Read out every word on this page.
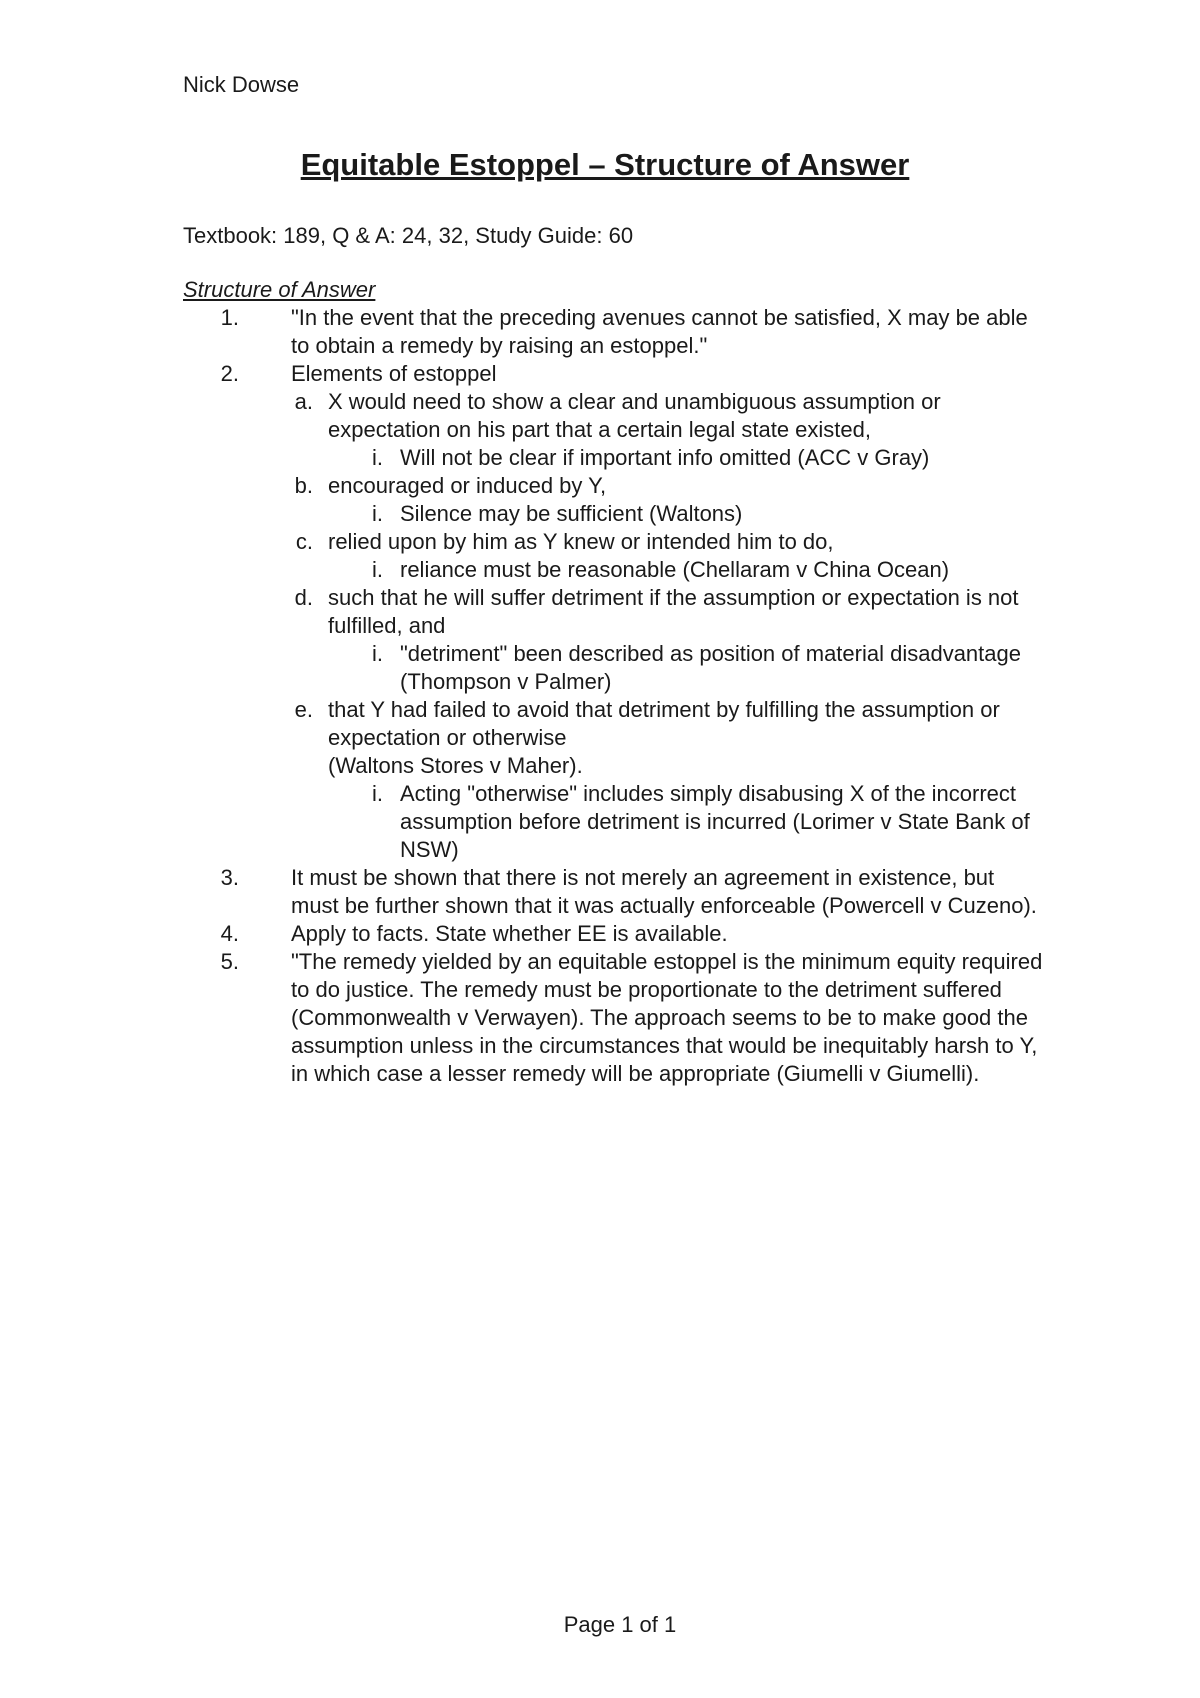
Nick Dowse
Equitable Estoppel – Structure of Answer
Textbook: 189, Q & A: 24, 32, Study Guide: 60
Structure of Answer
1. "In the event that the preceding avenues cannot be satisfied, X may be able to obtain a remedy by raising an estoppel."
2. Elements of estoppel
a. X would need to show a clear and unambiguous assumption or expectation on his part that a certain legal state existed,
i. Will not be clear if important info omitted (ACC v Gray)
b. encouraged or induced by Y,
i. Silence may be sufficient (Waltons)
c. relied upon by him as Y knew or intended him to do,
i. reliance must be reasonable (Chellaram v China Ocean)
d. such that he will suffer detriment if the assumption or expectation is not fulfilled, and
i. "detriment" been described as position of material disadvantage (Thompson v Palmer)
e. that Y had failed to avoid that detriment by fulfilling the assumption or expectation or otherwise
(Waltons Stores v Maher).
i. Acting "otherwise" includes simply disabusing X of the incorrect assumption before detriment is incurred (Lorimer v State Bank of NSW)
3. It must be shown that there is not merely an agreement in existence, but must be further shown that it was actually enforceable (Powercell v Cuzeno).
4. Apply to facts. State whether EE is available.
5. "The remedy yielded by an equitable estoppel is the minimum equity required to do justice. The remedy must be proportionate to the detriment suffered (Commonwealth v Verwayen). The approach seems to be to make good the assumption unless in the circumstances that would be inequitably harsh to Y, in which case a lesser remedy will be appropriate (Giumelli v Giumelli).
Page 1 of 1
